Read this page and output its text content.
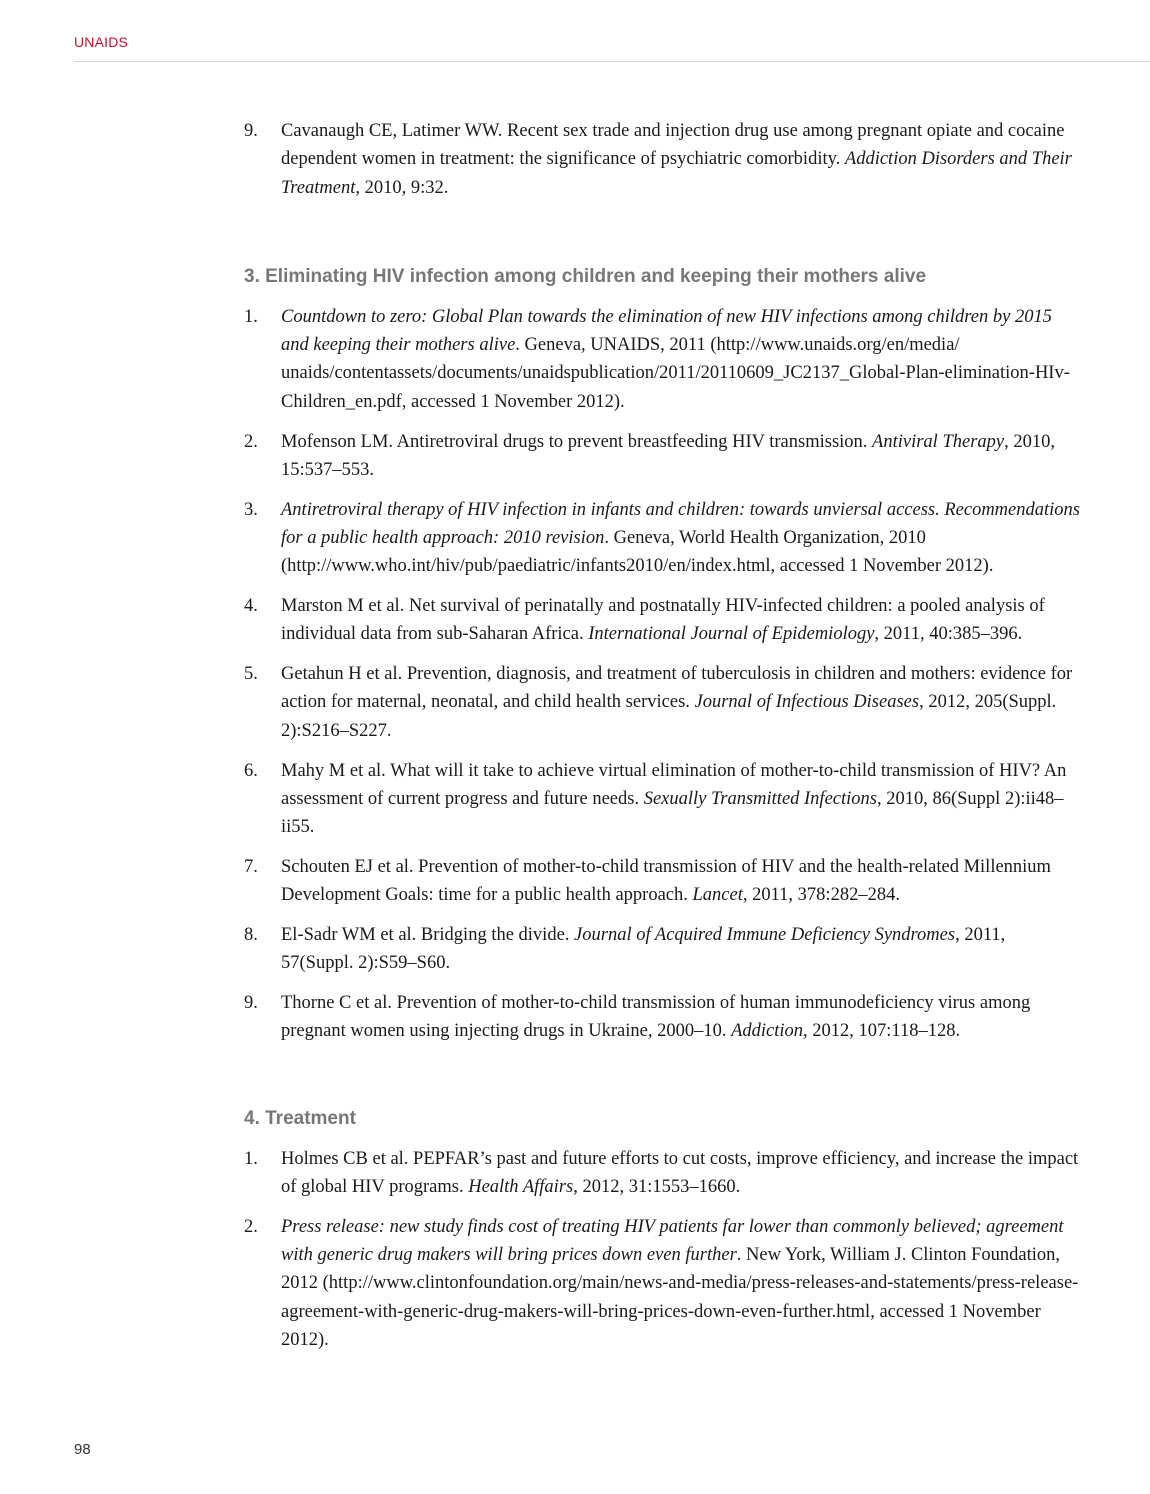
UNAIDS
9.	Cavanaugh CE, Latimer WW. Recent sex trade and injection drug use among pregnant opiate and cocaine dependent women in treatment: the significance of psychiatric comorbidity. Addiction Disorders and Their Treatment, 2010, 9:32.
3. Eliminating HIV infection among children and keeping their mothers alive
1.	Countdown to zero: Global Plan towards the elimination of new HIV infections among children by 2015 and keeping their mothers alive. Geneva, UNAIDS, 2011 (http://www.unaids.org/en/media/ unaids/contentassets/documents/unaidspublication/2011/20110609_JC2137_Global-Plan-elimination-HIv-Children_en.pdf, accessed 1 November 2012).
2.	Mofenson LM. Antiretroviral drugs to prevent breastfeeding HIV transmission. Antiviral Therapy, 2010, 15:537–553.
3.	Antiretroviral therapy of HIV infection in infants and children: towards unviersal access. Recommendations for a public health approach: 2010 revision. Geneva, World Health Organization, 2010 (http://www.who.int/hiv/pub/paediatric/infants2010/en/index.html, accessed 1 November 2012).
4.	Marston M et al. Net survival of perinatally and postnatally HIV-infected children: a pooled analysis of individual data from sub-Saharan Africa. International Journal of Epidemiology, 2011, 40:385–396.
5.	Getahun H et al. Prevention, diagnosis, and treatment of tuberculosis in children and mothers: evidence for action for maternal, neonatal, and child health services. Journal of Infectious Diseases, 2012, 205(Suppl. 2):S216–S227.
6.	Mahy M et al. What will it take to achieve virtual elimination of mother-to-child transmission of HIV? An assessment of current progress and future needs. Sexually Transmitted Infections, 2010, 86(Suppl 2):ii48–ii55.
7.	Schouten EJ et al. Prevention of mother-to-child transmission of HIV and the health-related Millennium Development Goals: time for a public health approach. Lancet, 2011, 378:282–284.
8.	El-Sadr WM et al. Bridging the divide. Journal of Acquired Immune Deficiency Syndromes, 2011, 57(Suppl. 2):S59–S60.
9.	Thorne C et al. Prevention of mother-to-child transmission of human immunodeficiency virus among pregnant women using injecting drugs in Ukraine, 2000–10. Addiction, 2012, 107:118–128.
4. Treatment
1.	Holmes CB et al. PEPFAR’s past and future efforts to cut costs, improve efficiency, and increase the impact of global HIV programs. Health Affairs, 2012, 31:1553–1660.
2.	Press release: new study finds cost of treating HIV patients far lower than commonly believed; agreement with generic drug makers will bring prices down even further. New York, William J. Clinton Foundation, 2012 (http://www.clintonfoundation.org/main/news-and-media/press-releases-and-statements/press-release-agreement-with-generic-drug-makers-will-bring-prices-down-even-further.html, accessed 1 November 2012).
98
